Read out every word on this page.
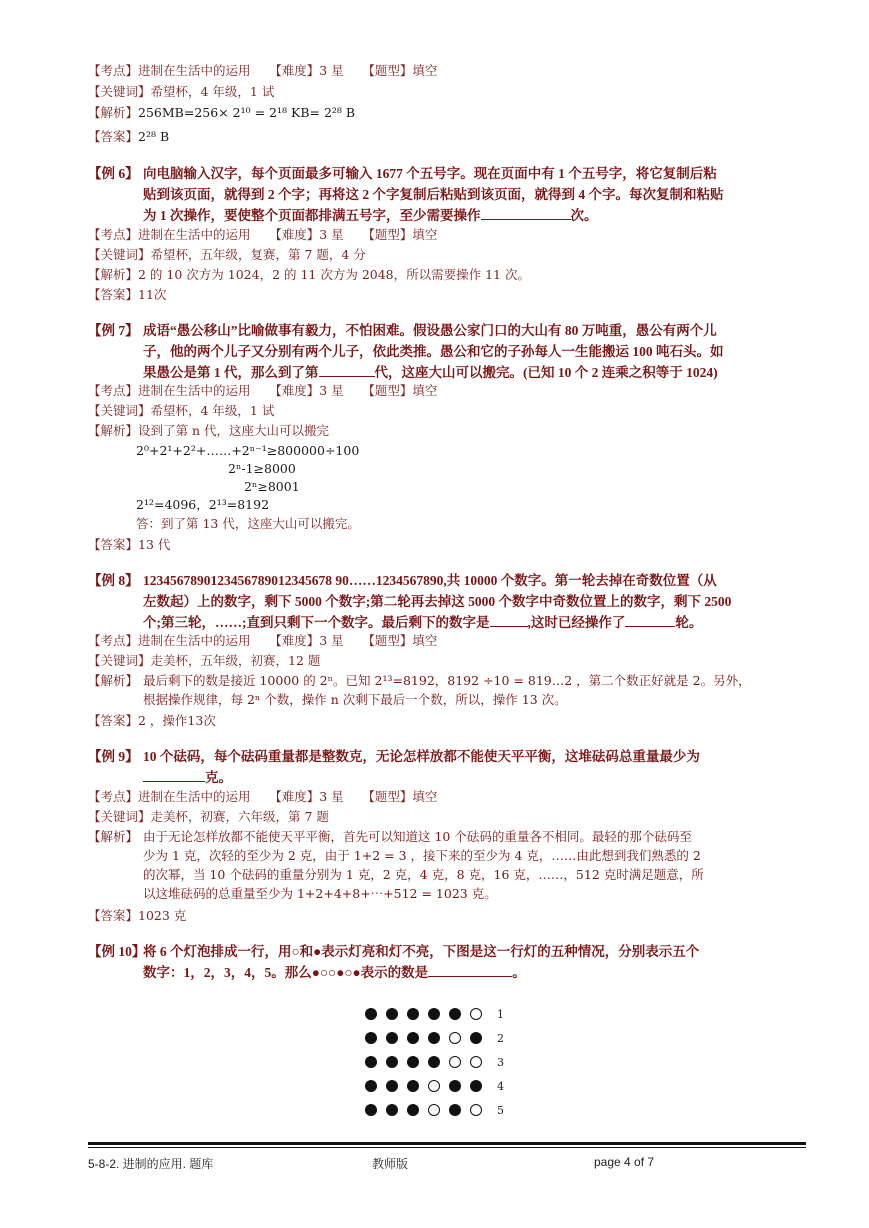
【考点】进制在生活中的运用　　【难度】3 星　　【题型】填空
【关键词】希望杯，4 年级，1 试
【解析】256MB=256× 2¹⁰ = 2¹⁸ KB= 2²⁸ B
【答案】2²⁸ B
【例 6】 向电脑输入汉字，每个页面最多可输入 1677 个五号字。现在页面中有 1 个五号字，将它复制后粘
贴到该页面，就得到 2 个字；再将这 2 个字复制后粘贴到该页面，就得到 4 个字。每次复制和粘贴
为 1 次操作，要使整个页面都排满五号字，至少需要操作	次。
【考点】进制在生活中的运用　　【难度】3 星　　【题型】填空
【关键词】希望杯，五年级，复赛，第 7 题，4 分
【解析】2 的 10 次方为 1024，2 的 11 次方为 2048，所以需要操作 11 次。
【答案】11次
【例 7】 成语“愚公移山”比喻做事有毅力，不怕困难。假设愚公家门口的大山有 80 万吨重，愚公有两个儿
子，他的两个儿子又分别有两个儿子，依此类推。愚公和它的子孙每人一生能搬运 100 吨石头。如
果愚公是第 1 代，那么到了第	代，这座大山可以搬完。(已知 10 个 2 连乘之积等于 1024)
【考点】进制在生活中的运用　　【难度】3 星　　【题型】填空
【关键词】希望杯，4 年级，1 试
【解析】设到了第 n 代，这座大山可以搬完
2⁰+2¹+2²+……+2ⁿ⁻¹≥800000÷100
2ⁿ-1≥8000
2ⁿ≥8001
2¹²=4096，2¹³=8192
答：到了第 13 代，这座大山可以搬完。
【答案】13 代
【例 8】 1234567890123456789012345678 90……1234567890,共 10000 个数字。第一轮去掉在奇数位置（从
左数起）上的数字，剩下 5000 个数字;第二轮再去掉这 5000 个数字中奇数位置上的数字，剩下 2500
个;第三轮，……;直到只剩下一个数字。最后剩下的数字是	,这时已经操作了	轮。
【考点】进制在生活中的运用　　【难度】3 星　　【题型】填空
【关键词】走美杯，五年级，初赛，12 题
【解析】 最后剩下的数是接近 10000 的 2ⁿ。已知 2¹³=8192，8192 ÷10 = 819…2 ，第二个数正好就是 2。另外，
根据操作规律，每 2ⁿ 个数，操作 n 次剩下最后一个数，所以，操作 13 次。
【答案】2 ，操作13次
【例 9】 10 个砝码，每个砝码重量都是整数克，无论怎样放都不能使天平平衡，这堆砝码总重量最少为
克。
【考点】进制在生活中的运用　　【难度】3 星　　【题型】填空
【关键词】走美杯，初赛，六年级，第 7 题
【解析】 由于无论怎样放都不能使天平平衡，首先可以知道这 10 个砝码的重量各不相同。最轻的那个砝码至
少为 1 克，次轻的至少为 2 克，由于 1+2 = 3 ，接下来的至少为 4 克，……由此想到我们熟悉的 2
的次幂，当 10 个砝码的重量分别为 1 克，2 克，4 克，8 克，16 克，……，512 克时满足题意，所
以这堆砝码的总重量至少为 1+2+4+8+⋯+512 = 1023 克。
【答案】1023 克
【例 10】
将 6 个灯泡排成一行，用○和●表示灯亮和灯不亮，下图是这一行灯的五种情况，分别表示五个
数字：1，2，3，4，5。那么●○○●○●表示的数是	。
1
2
3
4
5
5-8-2. 进制的应用. 题库	教师版	page 4 of 7
